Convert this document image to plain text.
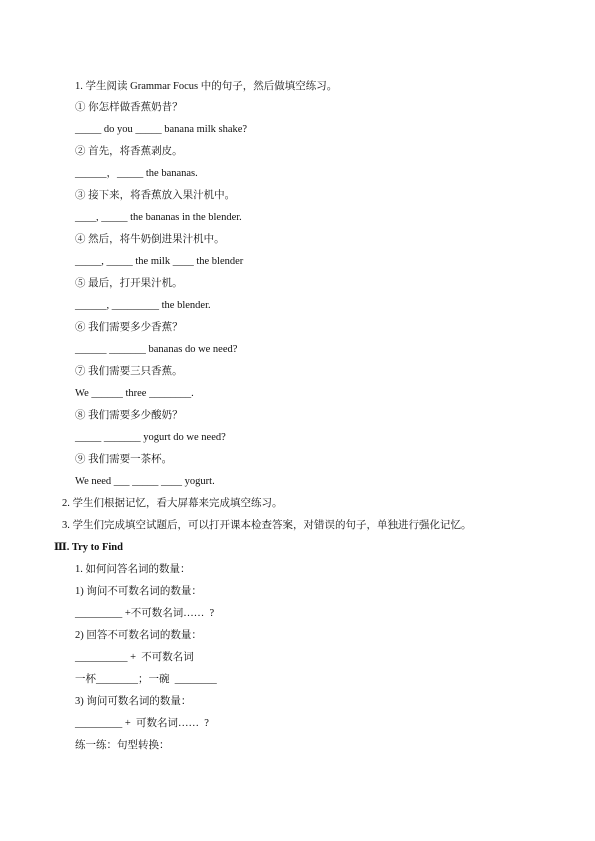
1. 学生阅读 Grammar Focus 中的句子，然后做填空练习。
① 你怎样做香蕉奶昔？
_____ do you _____ banana milk shake?
② 首先，将香蕉剥皮。
______，_____ the bananas.
③ 接下来，将香蕉放入果汁机中。
____, _____ the bananas in the blender.
④ 然后，将牛奶倒进果汁机中。
_____, _____ the milk ____ the blender
⑤ 最后，打开果汁机。
______, _________ the blender.
⑥ 我们需要多少香蕉？
______ _______ bananas do we need?
⑦ 我们需要三只香蕉。
We ______ three ________.
⑧ 我们需要多少酸奶？
_____ _______ yogurt do we need?
⑨ 我们需要一茶杯。
We need ___ _____ ____ yogurt.
2. 学生们根据记忆，看大屏幕来完成填空练习。
3. 学生们完成填空试题后，可以打开课本检查答案，对错误的句子，单独进行强化记忆。
Ⅲ. Try to Find
1. 如何问答名词的数量：
1) 询问不可数名词的数量：
_________ +不可数名词……  ?
2) 回答不可数名词的数量：
__________ +  不可数名词
一杯________；一碗  ________
3) 询问可数名词的数量：
_________ +  可数名词……  ?
练一练：句型转换：
